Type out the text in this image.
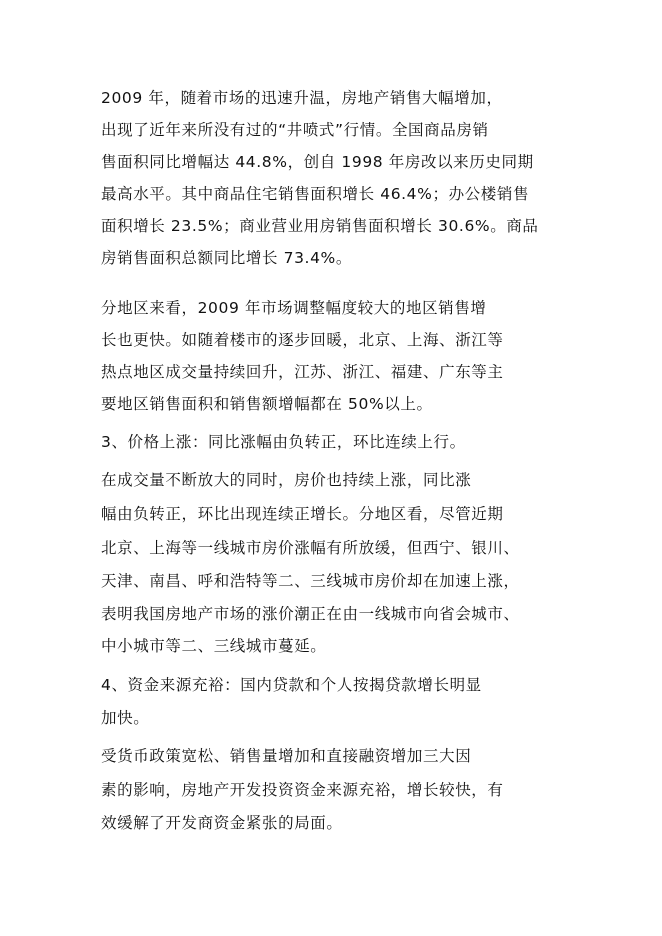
2009 年，随着市场的迅速升温，房地产销售大幅增加，
出现了近年来所没有过的“井喷式”行情。全国商品房销
售面积同比增幅达 44.8%，创自 1998 年房改以来历史同期
最高水平。其中商品住宅销售面积增长 46.4%；办公楼销售
面积增长 23.5%；商业营业用房销售面积增长 30.6%。商品
房销售面积总额同比增长 73.4%。
分地区来看，2009 年市场调整幅度较大的地区销售增
长也更快。如随着楼市的逐步回暖，北京、上海、浙江等
热点地区成交量持续回升，江苏、浙江、福建、广东等主
要地区销售面积和销售额增幅都在 50%以上。
3、价格上涨：同比涨幅由负转正，环比连续上行。
在成交量不断放大的同时，房价也持续上涨，同比涨
幅由负转正，环比出现连续正增长。分地区看，尽管近期
北京、上海等一线城市房价涨幅有所放缓，但西宁、银川、
天津、南昌、呼和浩特等二、三线城市房价却在加速上涨，
表明我国房地产市场的涨价潮正在由一线城市向省会城市、
中小城市等二、三线城市蔓延。
4、资金来源充裕：国内贷款和个人按揭贷款增长明显
加快。
受货币政策宽松、销售量增加和直接融资增加三大因
素的影响，房地产开发投资资金来源充裕，增长较快，有
效缓解了开发商资金紧张的局面。
